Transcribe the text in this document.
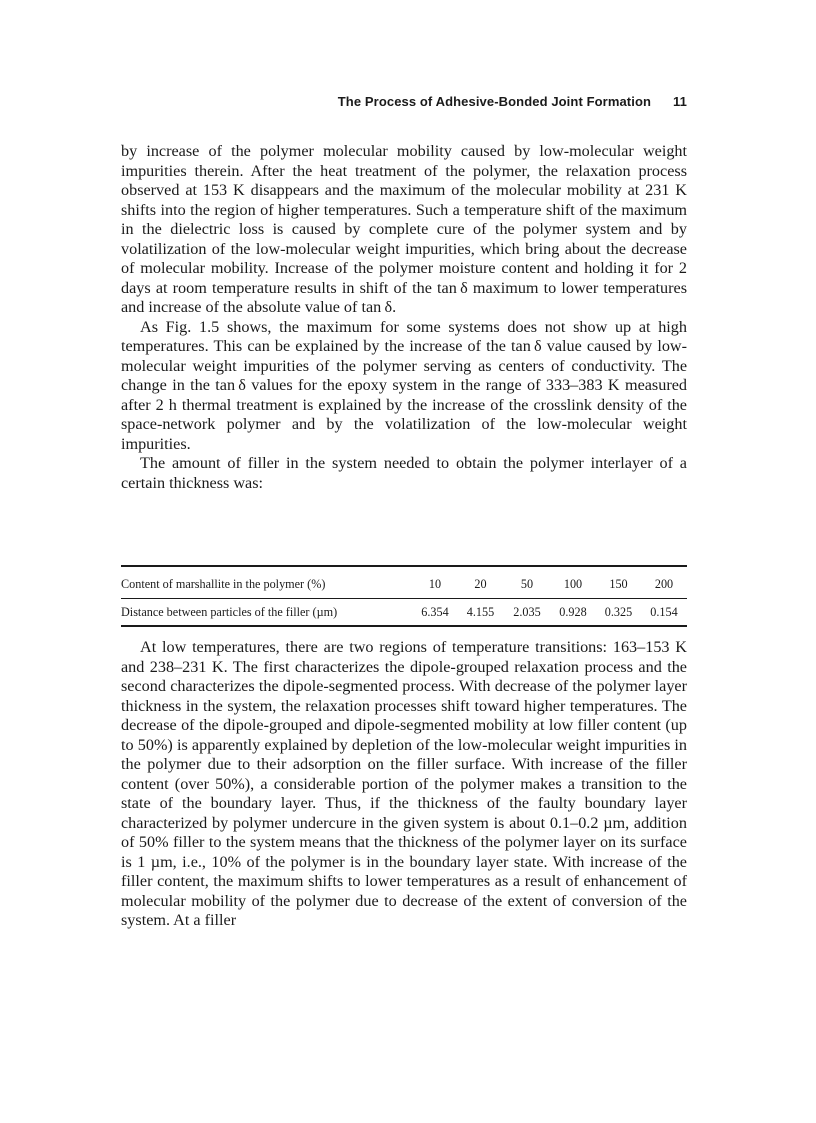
The Process of Adhesive-Bonded Joint Formation 11

by increase of the polymer molecular mobility caused by low-molecular weight impurities therein. After the heat treatment of the polymer, the relaxation process observed at 153 K disappears and the maximum of the molecular mobility at 231 K shifts into the region of higher temperatures. Such a temperature shift of the maximum in the dielectric loss is caused by complete cure of the polymer system and by volatilization of the low-molecular weight impurities, which bring about the decrease of molecular mobility. Increase of the polymer moisture content and holding it for 2 days at room temperature results in shift of the tan δ maximum to lower temperatures and increase of the absolute value of tan δ.

As Fig. 1.5 shows, the maximum for some systems does not show up at high temperatures. This can be explained by the increase of the tan δ value caused by low-molecular weight impurities of the polymer serving as centers of conductivity. The change in the tan δ values for the epoxy system in the range of 333–383 K measured after 2 h thermal treatment is explained by the increase of the crosslink density of the space-network polymer and by the volatilization of the low-molecular weight impurities.

The amount of filler in the system needed to obtain the polymer interlayer of a certain thickness was:

Content of marshallite in the polymer (%)	10	20	50	100	150	200
Distance between particles of the filler (µm)	6.354	4.155	2.035	0.928	0.325	0.154

At low temperatures, there are two regions of temperature transitions: 163–153 K and 238–231 K. The first characterizes the dipole-grouped relaxation process and the second characterizes the dipole-segmented process. With decrease of the polymer layer thickness in the system, the relaxation processes shift toward higher temperatures. The decrease of the dipole-grouped and dipole-segmented mobility at low filler content (up to 50%) is apparently explained by depletion of the low-molecular weight impurities in the polymer due to their adsorption on the filler surface. With increase of the filler content (over 50%), a considerable portion of the polymer makes a transition to the state of the boundary layer. Thus, if the thickness of the faulty boundary layer characterized by polymer undercure in the given system is about 0.1–0.2 µm, addition of 50% filler to the system means that the thickness of the polymer layer on its surface is 1 µm, i.e., 10% of the polymer is in the boundary layer state. With increase of the filler content, the maximum shifts to lower temperatures as a result of enhancement of molecular mobility of the polymer due to decrease of the extent of conversion of the system. At a filler
